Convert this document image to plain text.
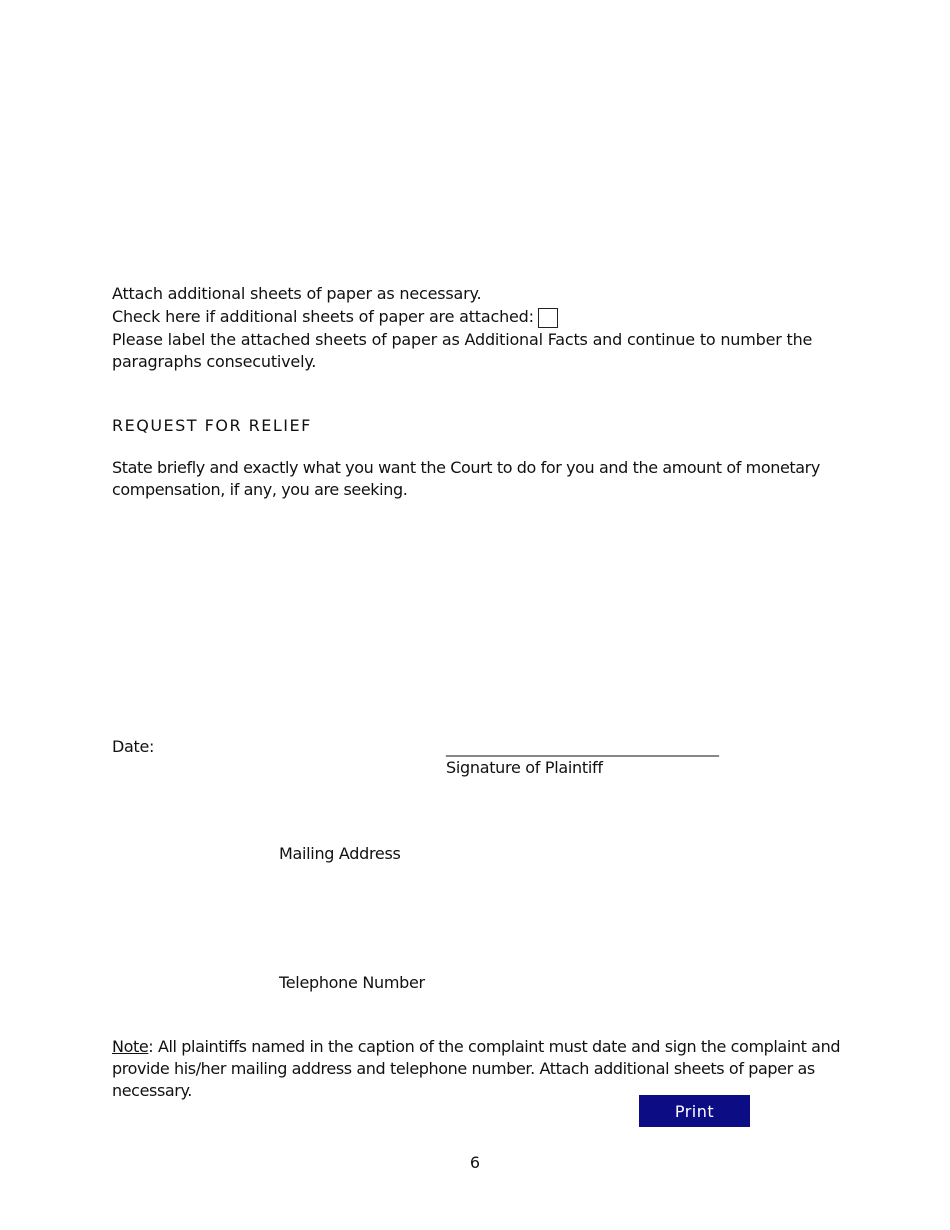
Attach additional sheets of paper as necessary.
Check here if additional sheets of paper are attached:
Please label the attached sheets of paper as Additional Facts and continue to number the
paragraphs consecutively.
REQUEST FOR RELIEF
State briefly and exactly what you want the Court to do for you and the amount of monetary
compensation, if any, you are seeking.
Date:	_______________________________________
Signature of Plaintiff
Mailing Address
Telephone Number
Note: All plaintiffs named in the caption of the complaint must date and sign the complaint and
provide his/her mailing address and telephone number. Attach additional sheets of paper as
necessary.
Print
6
